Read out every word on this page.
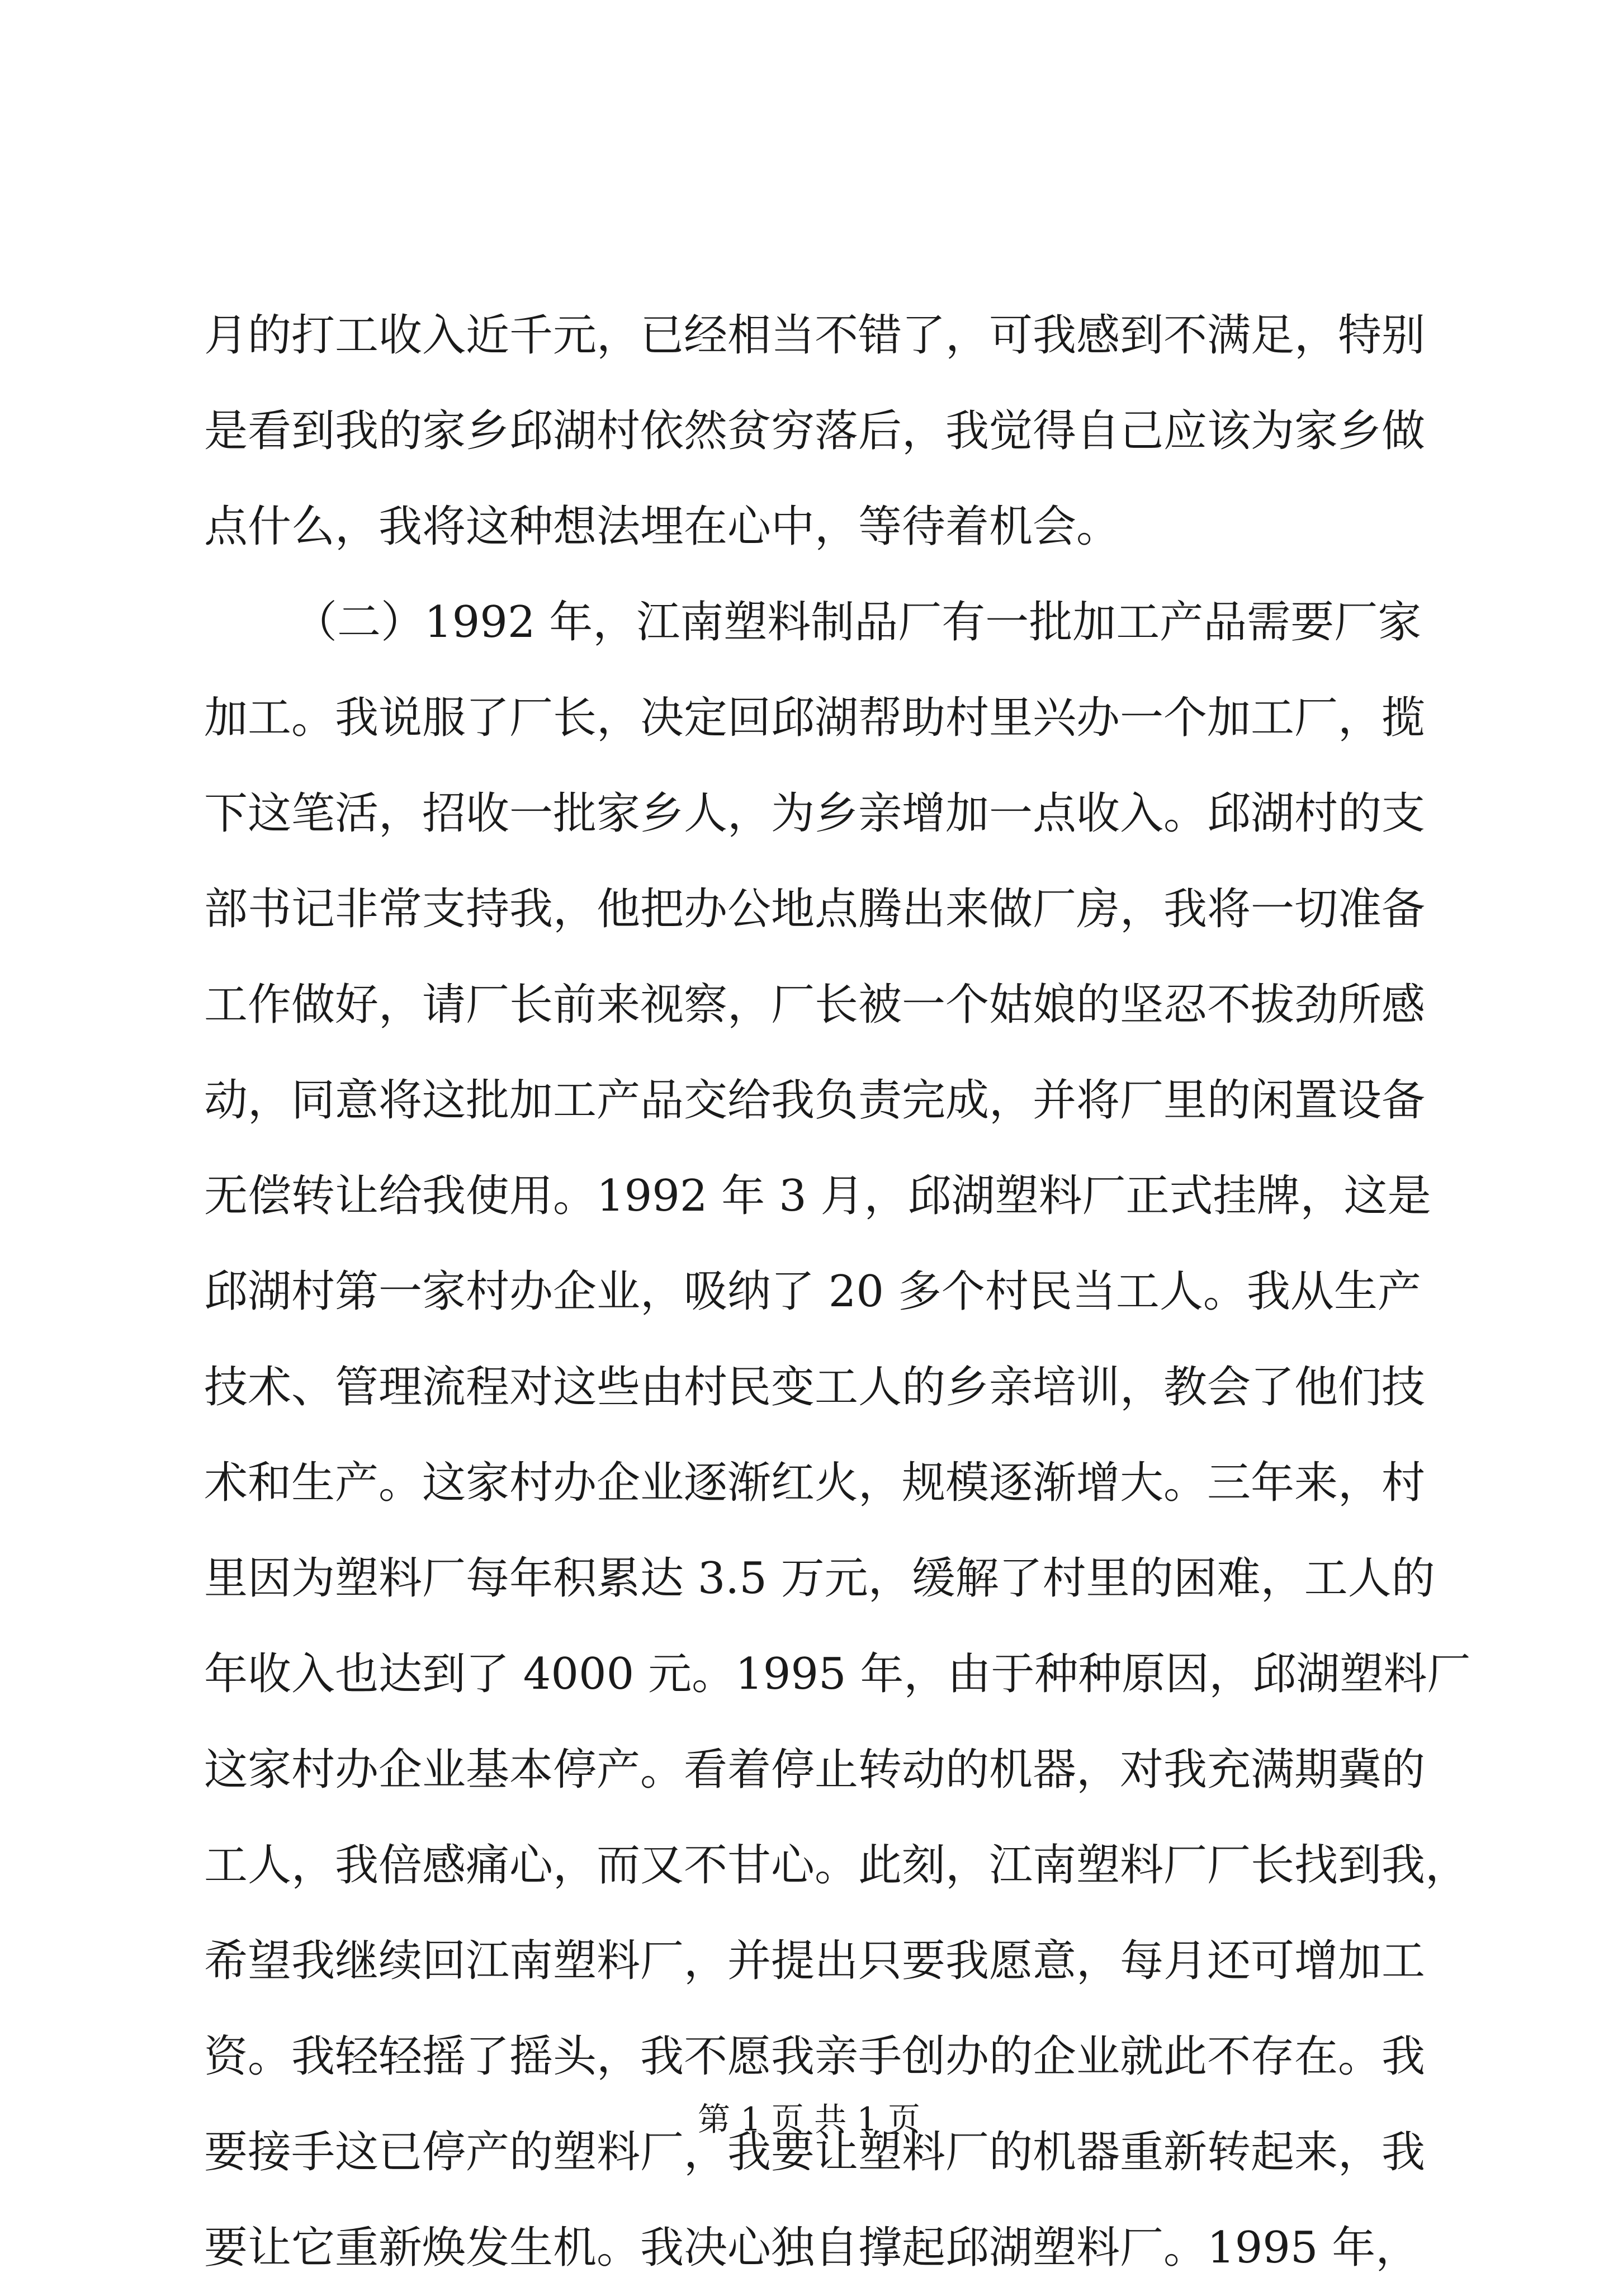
月的打工收入近千元，已经相当不错了，可我感到不满足，特别
是看到我的家乡邱湖村依然贫穷落后，我觉得自己应该为家乡做
点什么，我将这种想法埋在心中，等待着机会。
（二）1992 年，江南塑料制品厂有一批加工产品需要厂家
加工。我说服了厂长，决定回邱湖帮助村里兴办一个加工厂，揽
下这笔活，招收一批家乡人，为乡亲增加一点收入。邱湖村的支
部书记非常支持我，他把办公地点腾出来做厂房，我将一切准备
工作做好，请厂长前来视察，厂长被一个姑娘的坚忍不拔劲所感
动，同意将这批加工产品交给我负责完成，并将厂里的闲置设备
无偿转让给我使用。1992 年 3 月，邱湖塑料厂正式挂牌，这是
邱湖村第一家村办企业，吸纳了 20 多个村民当工人。我从生产
技术、管理流程对这些由村民变工人的乡亲培训，教会了他们技
术和生产。这家村办企业逐渐红火，规模逐渐增大。三年来，村
里因为塑料厂每年积累达 3.5 万元，缓解了村里的困难，工人的
年收入也达到了 4000 元。1995 年，由于种种原因，邱湖塑料厂
这家村办企业基本停产。看着停止转动的机器，对我充满期冀的
工人，我倍感痛心，而又不甘心。此刻，江南塑料厂厂长找到我，
希望我继续回江南塑料厂，并提出只要我愿意，每月还可增加工
资。我轻轻摇了摇头，我不愿我亲手创办的企业就此不存在。我
要接手这已停产的塑料厂，我要让塑料厂的机器重新转起来，我
要让它重新焕发生机。我决心独自撑起邱湖塑料厂。1995 年，
第 1 页 共 1 页
